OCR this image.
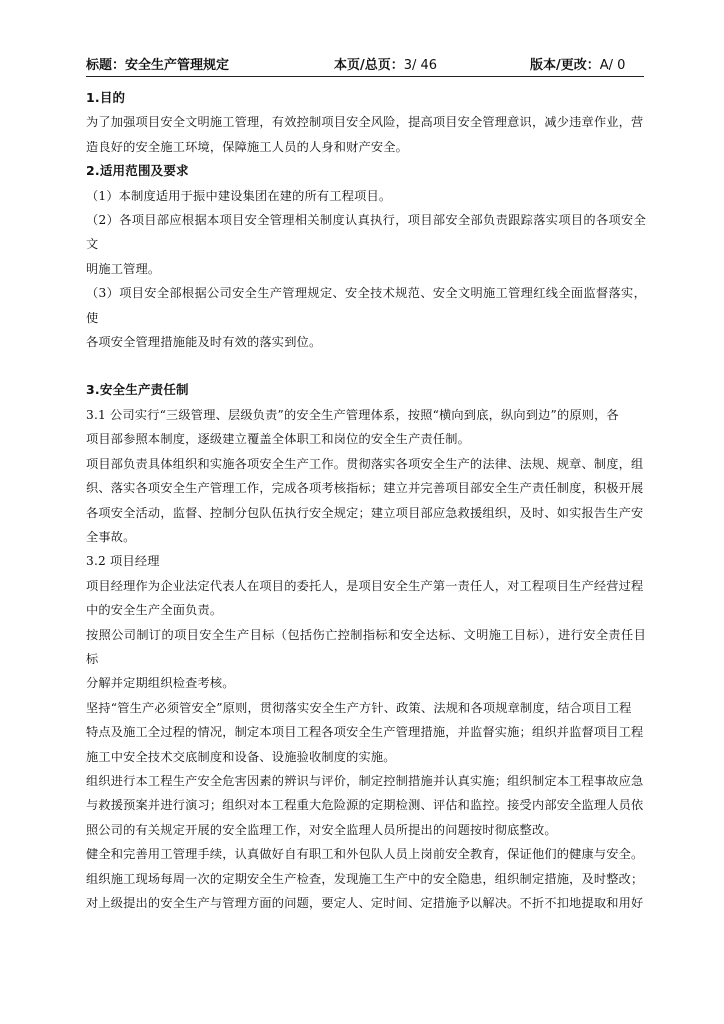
标题：安全生产管理规定	本页/总页：3/ 46	版本/更改：A/ 0

1.目的

为了加强项目安全文明施工管理，有效控制项目安全风险，提高项目安全管理意识，减少违章作业，营

造良好的安全施工环境，保障施工人员的人身和财产安全。

2.适用范围及要求

（1）本制度适用于振中建设集团在建的所有工程项目。

（2）各项目部应根据本项目安全管理相关制度认真执行，项目部安全部负责跟踪落实项目的各项安全文

明施工管理。

（3）项目安全部根据公司安全生产管理规定、安全技术规范、安全文明施工管理红线全面监督落实，使

各项安全管理措施能及时有效的落实到位。

3.安全生产责任制

3.1 公司实行“三级管理、层级负责”的安全生产管理体系，按照“横向到底，纵向到边”的原则，各

项目部参照本制度，逐级建立覆盖全体职工和岗位的安全生产责任制。

项目部负责具体组织和实施各项安全生产工作。贯彻落实各项安全生产的法律、法规、规章、制度，组

织、落实各项安全生产管理工作，完成各项考核指标；建立并完善项目部安全生产责任制度，积极开展

各项安全活动，监督、控制分包队伍执行安全规定；建立项目部应急救援组织，及时、如实报告生产安

全事故。

3.2 项目经理

项目经理作为企业法定代表人在项目的委托人，是项目安全生产第一责任人，对工程项目生产经营过程

中的安全生产全面负责。

按照公司制订的项目安全生产目标（包括伤亡控制指标和安全达标、文明施工目标），进行安全责任目标

分解并定期组织检查考核。

坚持“管生产必须管安全”原则，贯彻落实安全生产方针、政策、法规和各项规章制度，结合项目工程

特点及施工全过程的情况，制定本项目工程各项安全生产管理措施，并监督实施；组织并监督项目工程

施工中安全技术交底制度和设备、设施验收制度的实施。

组织进行本工程生产安全危害因素的辨识与评价，制定控制措施并认真实施；组织制定本工程事故应急

与救援预案并进行演习；组织对本工程重大危险源的定期检测、评估和监控。接受内部安全监理人员依

照公司的有关规定开展的安全监理工作，对安全监理人员所提出的问题按时彻底整改。

健全和完善用工管理手续，认真做好自有职工和外包队人员上岗前安全教育，保证他们的健康与安全。

组织施工现场每周一次的定期安全生产检查，发现施工生产中的安全隐患，组织制定措施，及时整改；

对上级提出的安全生产与管理方面的问题，要定人、定时间、定措施予以解决。不折不扣地提取和用好
